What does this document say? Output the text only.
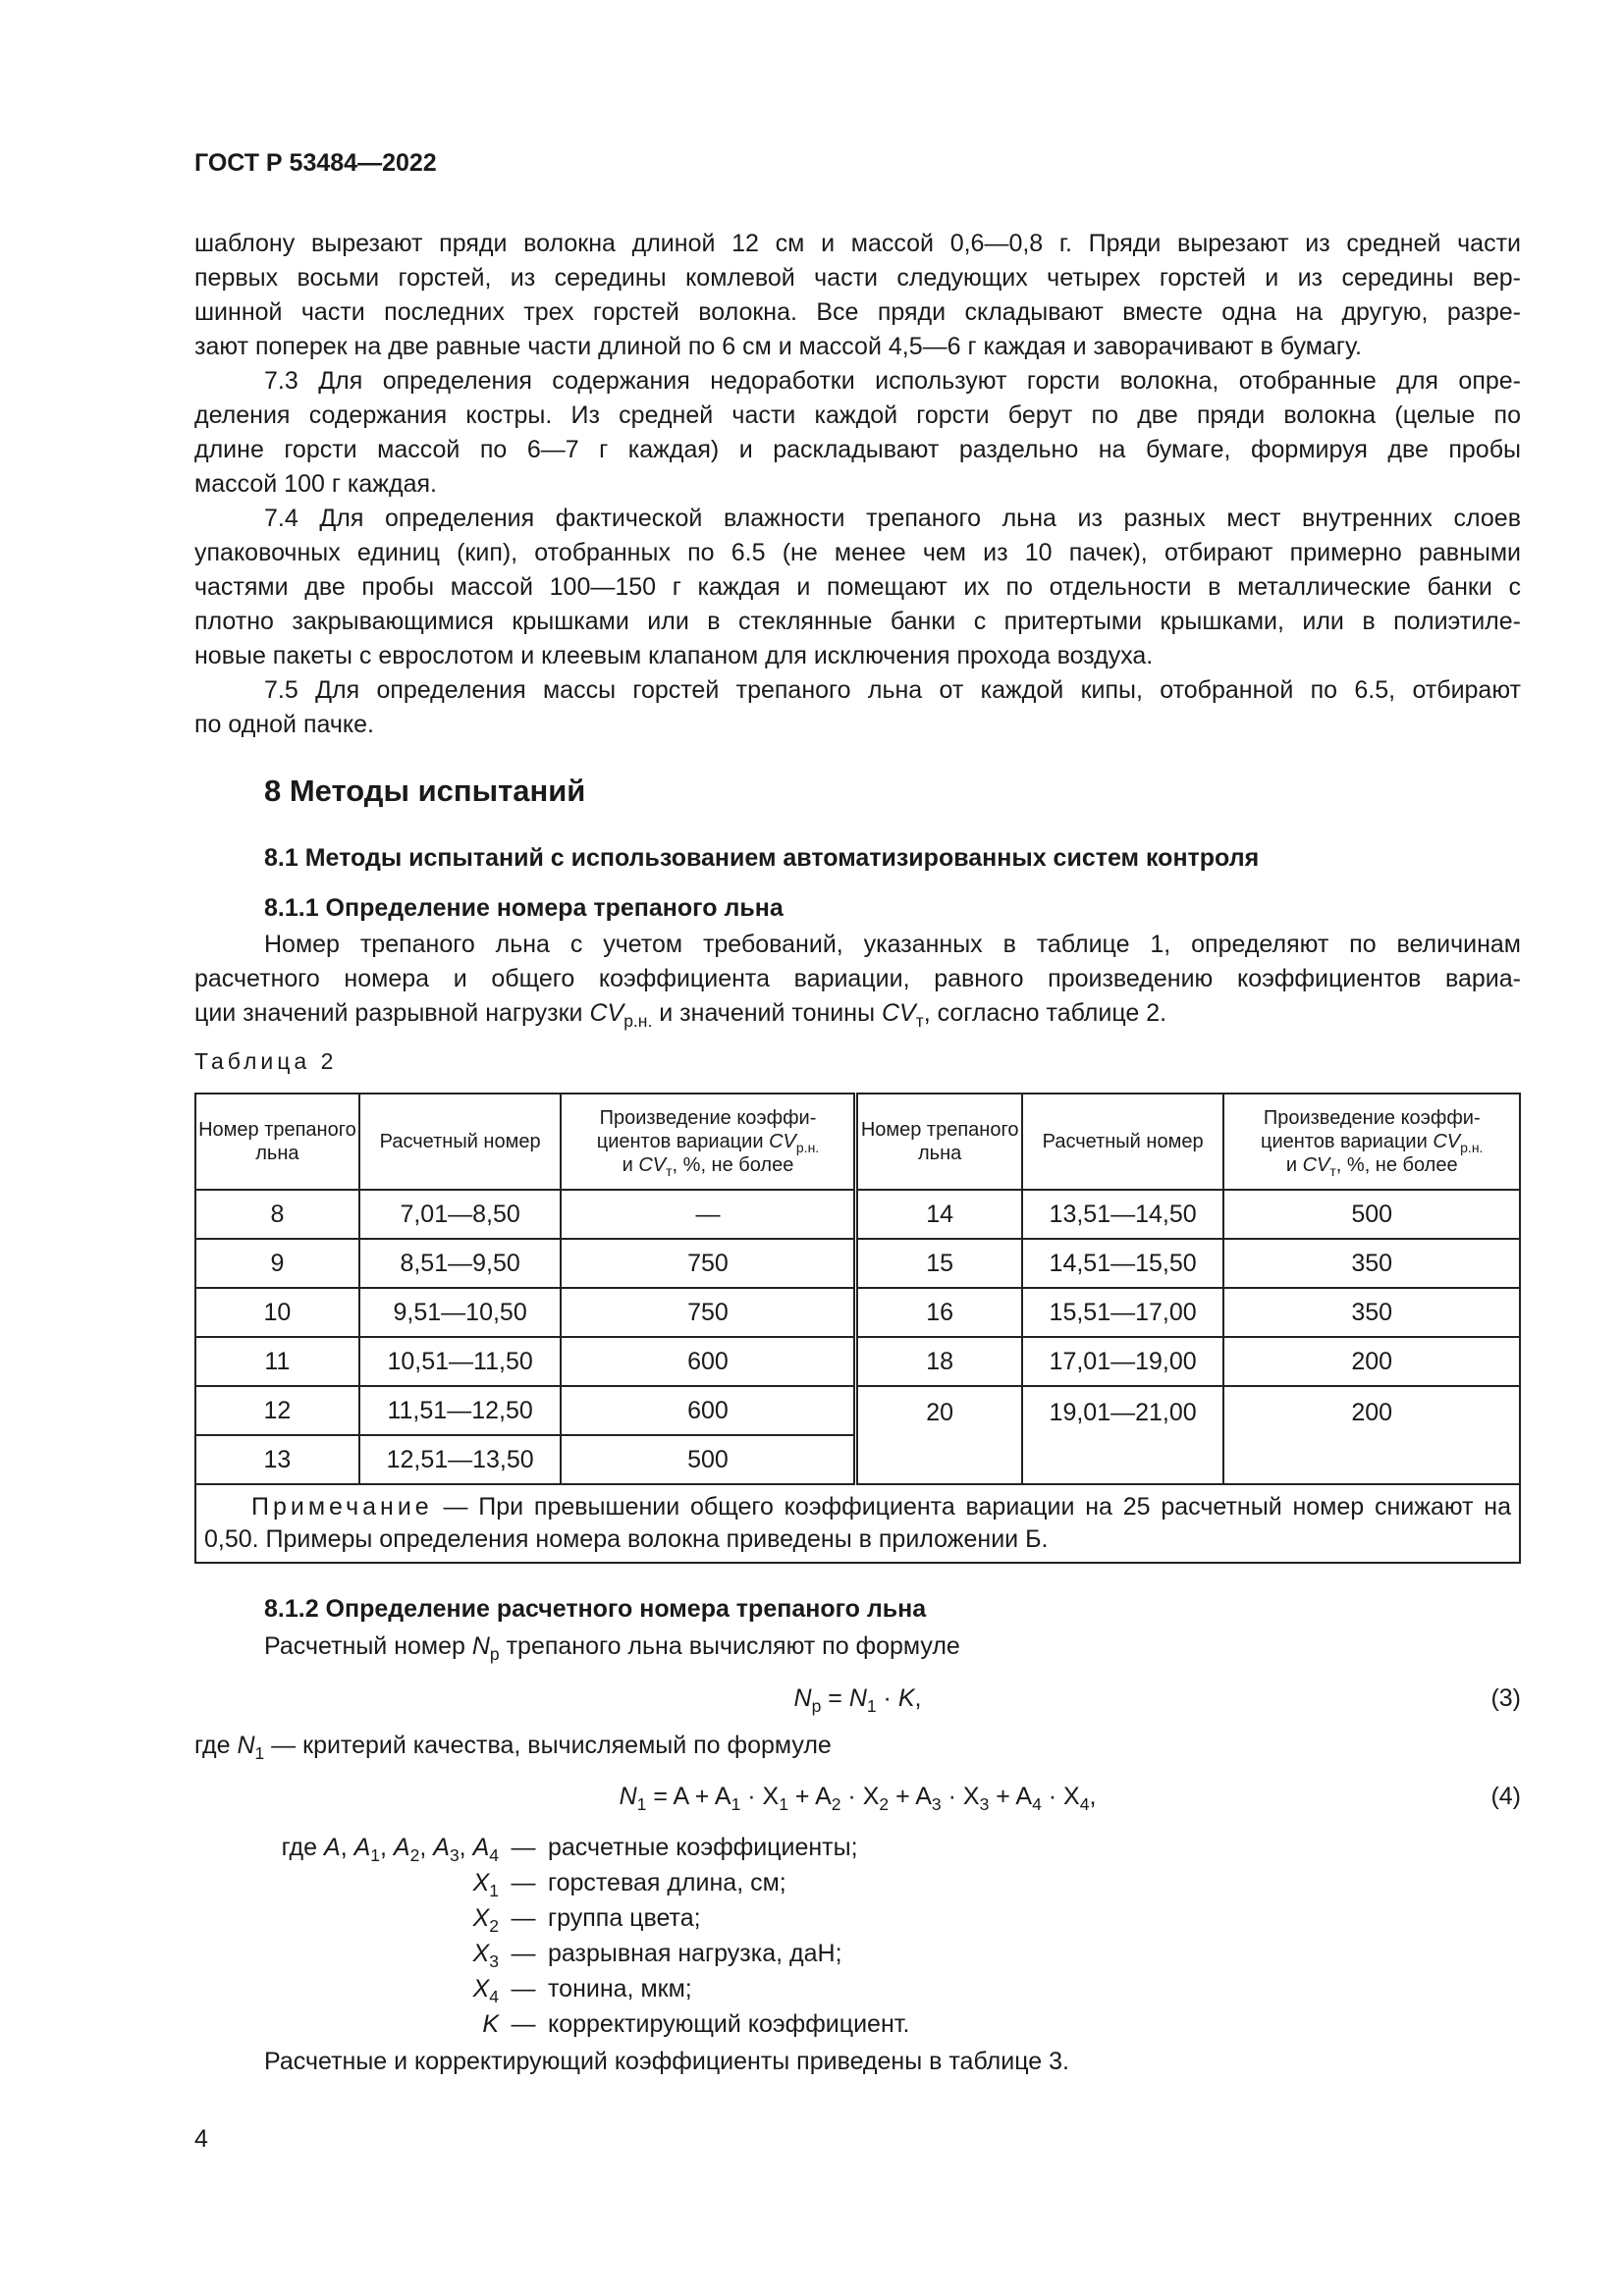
ГОСТ Р 53484—2022
шаблону вырезают пряди волокна длиной 12 см и массой 0,6—0,8 г. Пряди вырезают из средней части
первых восьми горстей, из середины комлевой части следующих четырех горстей и из середины вер-
шинной части последних трех горстей волокна. Все пряди складывают вместе одна на другую, разре-
зают поперек на две равные части длиной по 6 см и массой 4,5—6 г каждая и заворачивают в бумагу.
7.3 Для определения содержания недоработки используют горсти волокна, отобранные для опре-
деления содержания костры. Из средней части каждой горсти берут по две пряди волокна (целые по
длине горсти массой по 6—7 г каждая) и раскладывают раздельно на бумаге, формируя две пробы
массой 100 г каждая.
7.4 Для определения фактической влажности трепаного льна из разных мест внутренних слоев
упаковочных единиц (кип), отобранных по 6.5 (не менее чем из 10 пачек), отбирают примерно равными
частями две пробы массой 100—150 г каждая и помещают их по отдельности в металлические банки с
плотно закрывающимися крышками или в стеклянные банки с притертыми крышками, или в полиэтиле-
новые пакеты с еврослотом и клеевым клапаном для исключения прохода воздуха.
7.5 Для определения массы горстей трепаного льна от каждой кипы, отобранной по 6.5, отбирают
по одной пачке.
8 Методы испытаний
8.1 Методы испытаний с использованием автоматизированных систем контроля
8.1.1 Определение номера трепаного льна
Номер трепаного льна с учетом требований, указанных в таблице 1, определяют по величинам
расчетного номера и общего коэффициента вариации, равного произведению коэффициентов вариа-
ции значений разрывной нагрузки $CV_{р.н.}$ и значений тонины $CV_т$, согласно таблице 2.
Таблица 2
Номер трепаного льна	Расчетный номер	Произведение коэффи-
циентов вариации $CV_{р.н.}$
и $CV_т$, %, не более	Номер трепаного льна	Расчетный номер	Произведение коэффи-
циентов вариации $CV_{р.н.}$
и $CV_т$, %, не более
8	7,01—8,50	—	14	13,51—14,50	500
9	8,51—9,50	750	15	14,51—15,50	350
10	9,51—10,50	750	16	15,51—17,00	350
11	10,51—11,50	600	18	17,01—19,00	200
12	11,51—12,50	600	20	19,01—21,00	200
13	12,51—13,50	500			
Примечание — При превышении общего коэффициента вариации на 25 расчетный номер снижают на 0,50. Примеры определения номера волокна приведены в приложении Б.					
8.1.2 Определение расчетного номера трепаного льна
Расчетный номер $N_р$ трепаного льна вычисляют по формуле
$N_р = N_1 \cdot K$,	(3)
где $N_1$ — критерий качества, вычисляемый по формуле
$N_1 = A + A_1 \cdot X_1 + A_2 \cdot X_2 + A_3 \cdot X_3 + A_4 \cdot X_4$,	(4)
где A, $A_1$, $A_2$, $A_3$, $A_4$ — расчетные коэффициенты;
$X_1$ — горстевая длина, см;
$X_2$ — группа цвета;
$X_3$ — разрывная нагрузка, даН;
$X_4$ — тонина, мкм;
K — корректирующий коэффициент.
Расчетные и корректирующий коэффициенты приведены в таблице 3.
4
